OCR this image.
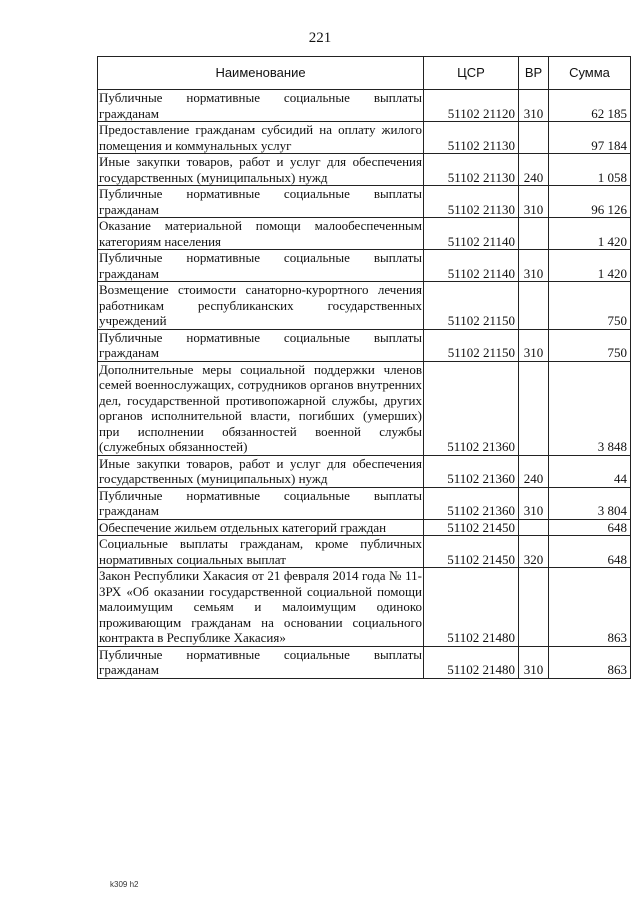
221
Наименование	ЦСР	ВР	Сумма
Публичные нормативные социальные выплаты гражданам	51102 21120	310	62 185
Предоставление гражданам субсидий на оплату жилого помещения и коммунальных услуг	51102 21130		97 184
Иные закупки товаров, работ и услуг для обеспечения государственных (муниципальных) нужд	51102 21130	240	1 058
Публичные нормативные социальные выплаты гражданам	51102 21130	310	96 126
Оказание материальной помощи малообеспеченным категориям населения	51102 21140		1 420
Публичные нормативные социальные выплаты гражданам	51102 21140	310	1 420
Возмещение стоимости санаторно-курортного лечения работникам республиканских государственных учреждений	51102 21150		750
Публичные нормативные социальные выплаты гражданам	51102 21150	310	750
Дополнительные меры социальной поддержки членов семей военнослужащих, сотрудников органов внутренних дел, государственной противопожарной службы, других органов исполнительной власти, погибших (умерших) при исполнении обязанностей военной службы (служебных обязанностей)	51102 21360		3 848
Иные закупки товаров, работ и услуг для обеспечения государственных (муниципальных) нужд	51102 21360	240	44
Публичные нормативные социальные выплаты гражданам	51102 21360	310	3 804
Обеспечение жильем отдельных категорий граждан	51102 21450		648
Социальные выплаты гражданам, кроме публичных нормативных социальных выплат	51102 21450	320	648
Закон Республики Хакасия от 21 февраля 2014 года № 11-ЗРХ «Об оказании государственной социальной помощи малоимущим семьям и малоимущим одиноко проживающим гражданам на основании социального контракта в Республике Хакасия»	51102 21480		863
Публичные нормативные социальные выплаты гражданам	51102 21480	310	863
k309 h2
